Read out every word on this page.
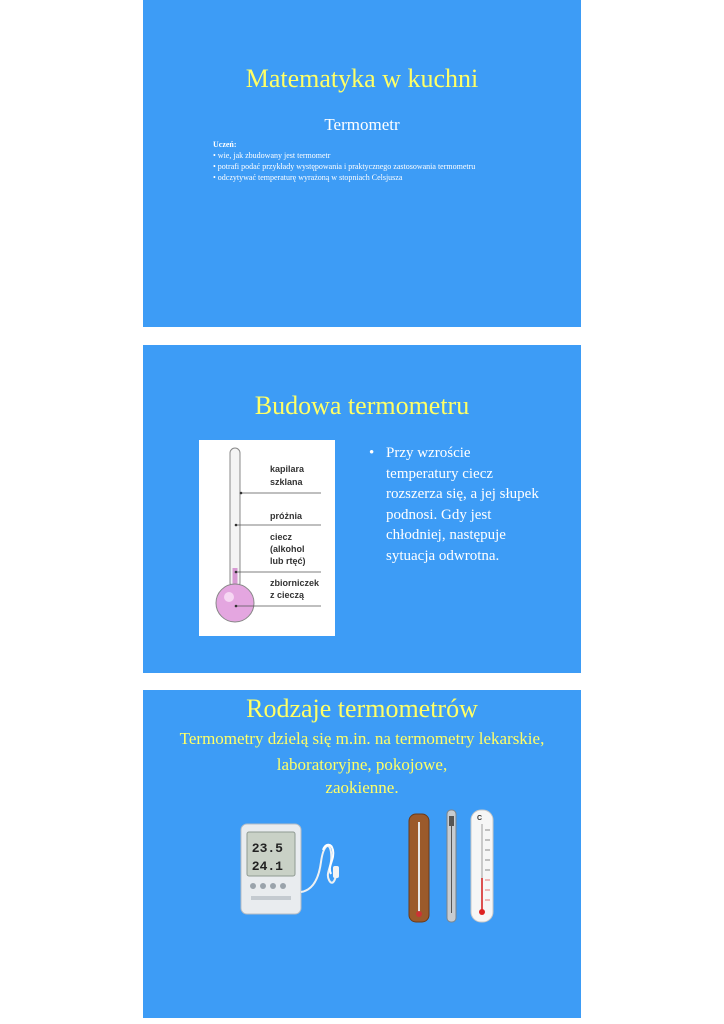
Matematyka w kuchni
Termometr
Uczeń:
• wie, jak zbudowany jest termometr
• potrafi podać przykłady występowania i praktycznego zastosowania termometru
• odczytywać temperaturę wyrażoną w stopniach Celsjusza
Budowa termometru
kapilara
szklana
próżnia
ciecz
(alkohol
lub rtęć)
zbiorniczek
z cieczą
• Przy wzroście temperatury ciecz rozszerza się, a jej słupek podnosi. Gdy jest chłodniej, następuje sytuacja odwrotna.
Rodzaje termometrów
Termometry dzielą się m.in. na termometry lekarskie, laboratoryjne, pokojowe,
zaokienne.
23.5
24.1
C
